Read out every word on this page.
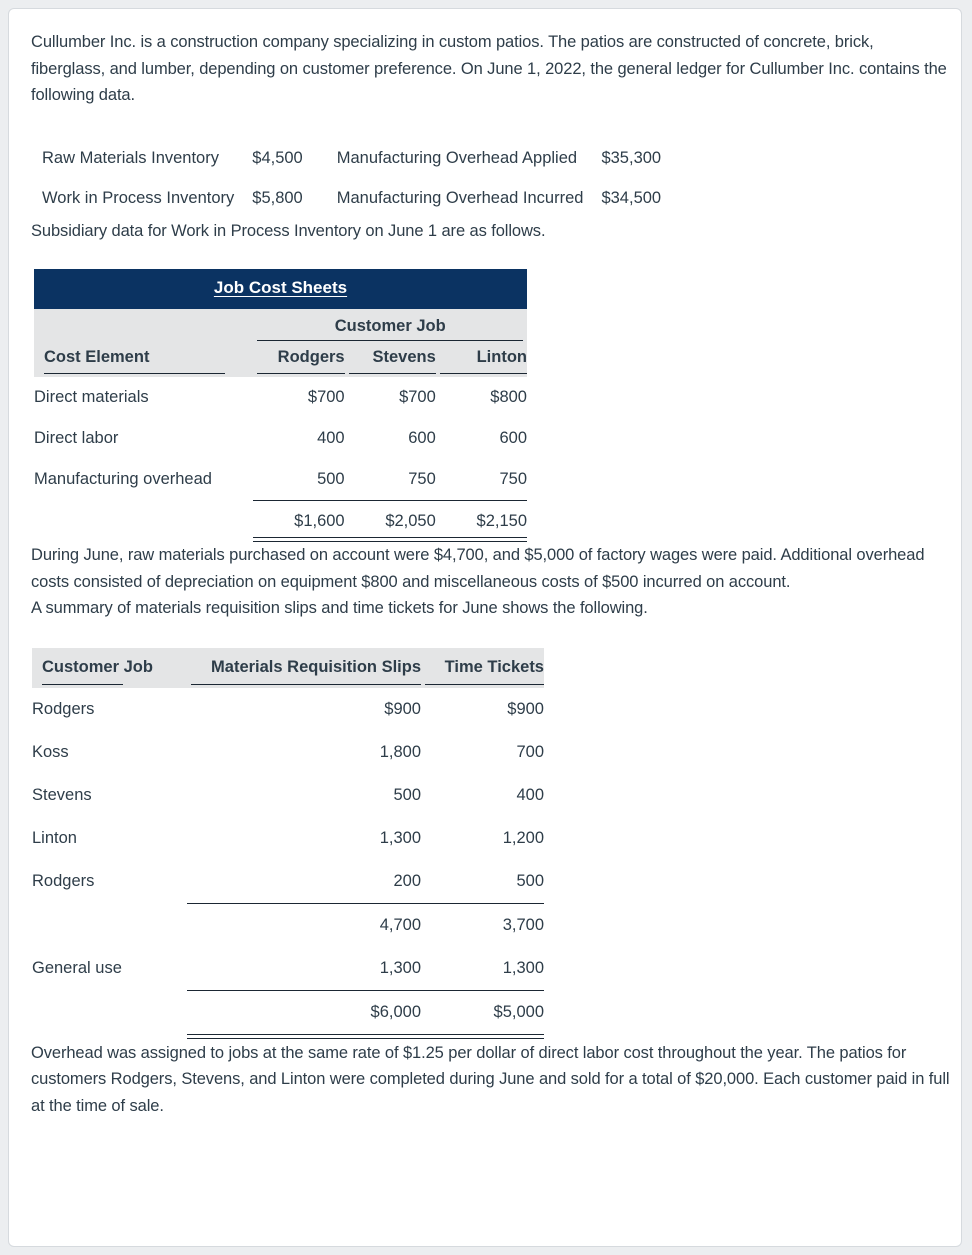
Cullumber Inc. is a construction company specializing in custom patios. The patios are constructed of concrete, brick, fiberglass, and lumber, depending on customer preference. On June 1, 2022, the general ledger for Cullumber Inc. contains the following data.

Raw Materials Inventory	$4,500	Manufacturing Overhead Applied	$35,300
Work in Process Inventory	$5,800	Manufacturing Overhead Incurred	$34,500

Subsidiary data for Work in Process Inventory on June 1 are as follows.

Job Cost Sheets			
	Customer Job		

Cost Element	Rodgers	Stevens	Linton

Direct materials	$700	$700	$800
Direct labor	400	600	600
Manufacturing overhead	500	750	750
	$1,600	$2,050	$2,150

During June, raw materials purchased on account were $4,700, and $5,000 of factory wages were paid. Additional overhead costs consisted of depreciation on equipment $800 and miscellaneous costs of $500 incurred on account.

A summary of materials requisition slips and time tickets for June shows the following.

Customer Job	Materials Requisition Slips	Time Tickets

Rodgers	$900	$900
Koss	1,800	700
Stevens	500	400
Linton	1,300	1,200
Rodgers	200	500
	4,700	3,700
General use	1,300	1,300
	$6,000	$5,000

Overhead was assigned to jobs at the same rate of $1.25 per dollar of direct labor cost throughout the year. The patios for customers Rodgers, Stevens, and Linton were completed during June and sold for a total of $20,000. Each customer paid in full at the time of sale.
